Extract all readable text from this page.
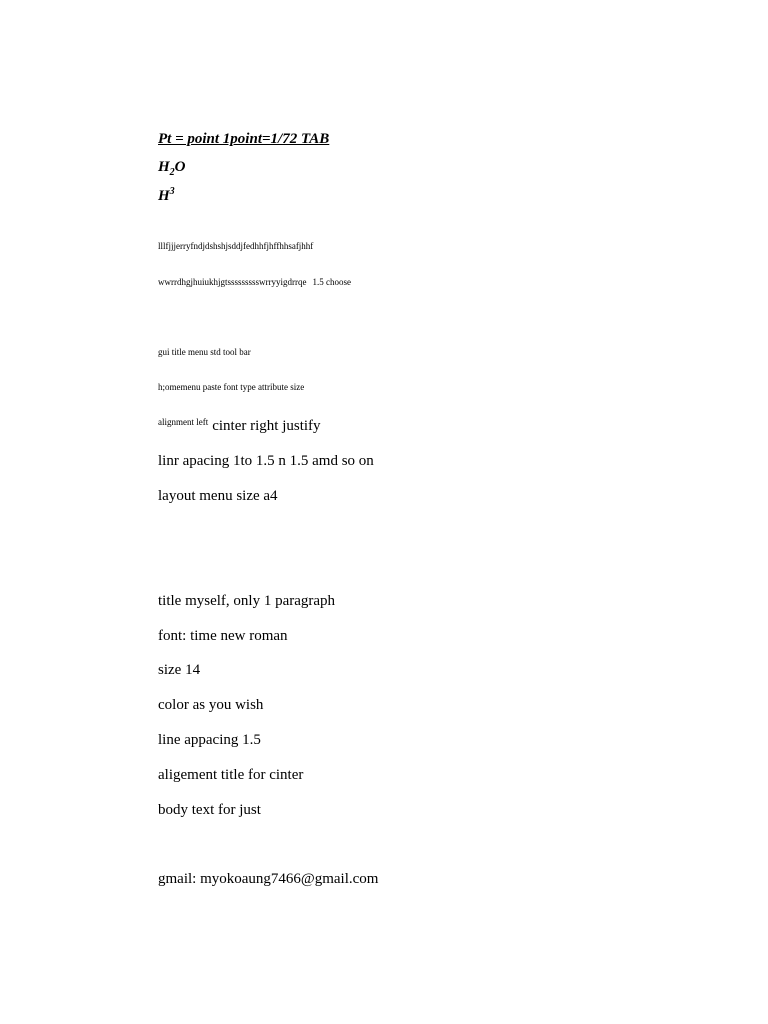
Pt = point 1point=1/72 TAB
$H_2O$
$H^3$
lllfjjjerryfndjdshshjsddjfedhhfjhffhhsafjhhf
wwrrdhgjhuiukhjgtssssssssswrryyigdrrqe 1.5 choose
gui title menu std tool bar
h;omemenu paste font type attribute size
$^{alignment left}$ cinter right justify
linr apacing 1to 1.5 n 1.5 amd so on
layout menu size a4
title myself, only 1 paragraph
font: time new roman
size 14
color as you wish
line appacing 1.5
aligement title for cinter
body text for just
gmail: myokoaung7466@gmail.com
